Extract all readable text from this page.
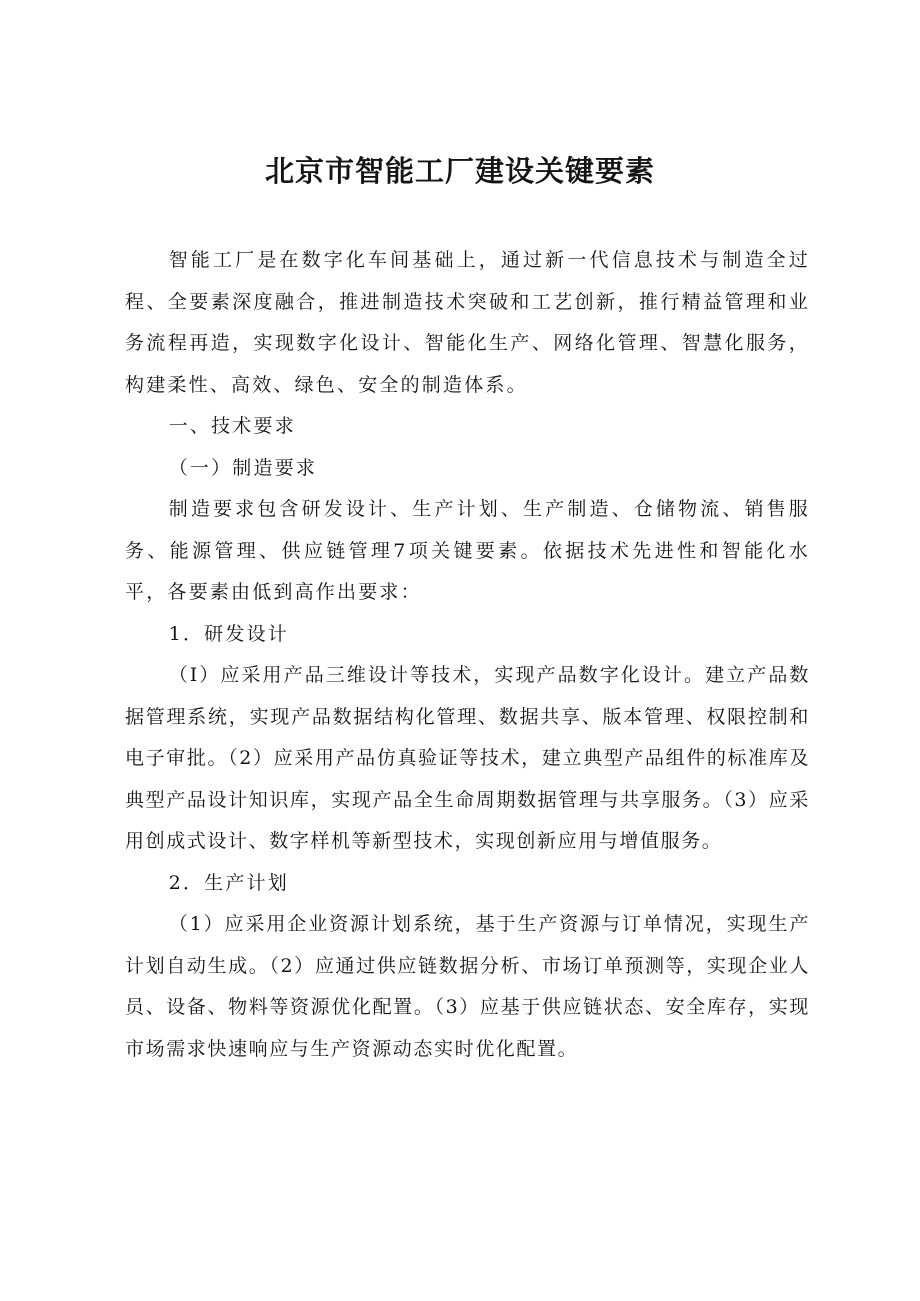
北京市智能工厂建设关键要素

智能工厂是在数字化车间基础上，通过新一代信息技术与制造全过程、全要素深度融合，推进制造技术突破和工艺创新，推行精益管理和业务流程再造，实现数字化设计、智能化生产、网络化管理、智慧化服务，构建柔性、高效、绿色、安全的制造体系。

一、技术要求

（一）制造要求

制造要求包含研发设计、生产计划、生产制造、仓储物流、销售服务、能源管理、供应链管理7项关键要素。依据技术先进性和智能化水平，各要素由低到高作出要求：

1．研发设计

（I）应采用产品三维设计等技术，实现产品数字化设计。建立产品数据管理系统，实现产品数据结构化管理、数据共享、版本管理、权限控制和电子审批。（2）应采用产品仿真验证等技术，建立典型产品组件的标准库及典型产品设计知识库，实现产品全生命周期数据管理与共享服务。（3）应采用创成式设计、数字样机等新型技术，实现创新应用与增值服务。

2．生产计划

（1）应采用企业资源计划系统，基于生产资源与订单情况，实现生产计划自动生成。（2）应通过供应链数据分析、市场订单预测等，实现企业人员、设备、物料等资源优化配置。（3）应基于供应链状态、安全库存，实现市场需求快速响应与生产资源动态实时优化配置。
